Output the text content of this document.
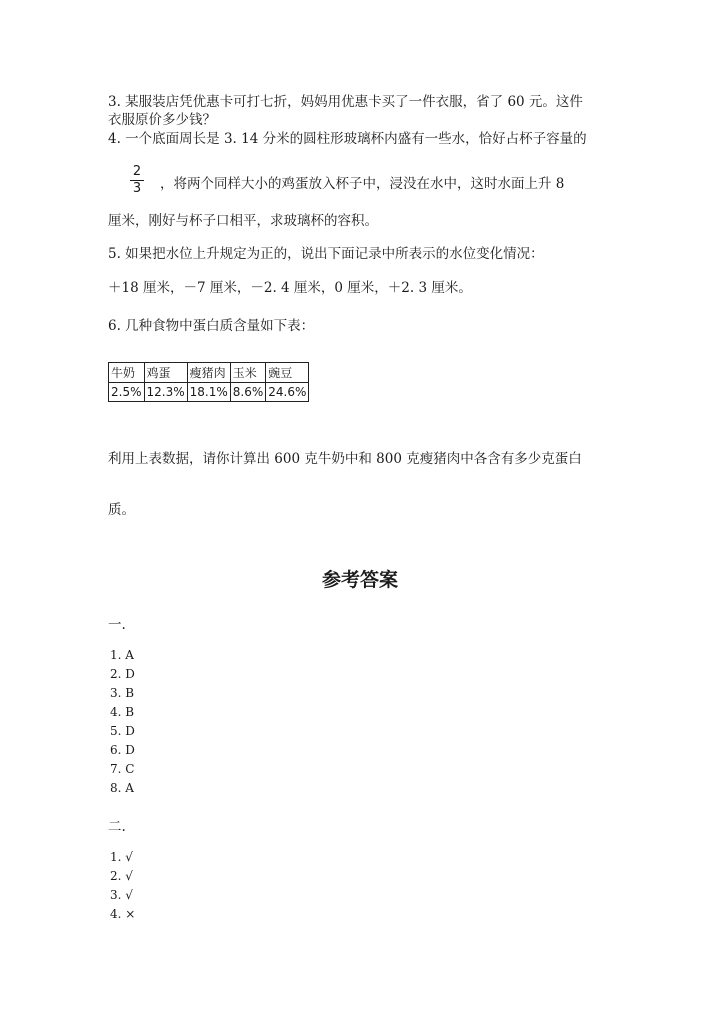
3. 某服装店凭优惠卡可打七折，妈妈用优惠卡买了一件衣服，省了 60 元。这件
衣服原价多少钱？
4. 一个底面周长是 3. 14 分米的圆柱形玻璃杯内盛有一些水，恰好占杯子容量的
2
3 ，将两个同样大小的鸡蛋放入杯子中，浸没在水中，这时水面上升 8
厘米，刚好与杯子口相平，求玻璃杯的容积。
5. 如果把水位上升规定为正的，说出下面记录中所表示的水位变化情况：
＋18 厘米，－7 厘米，－2. 4 厘米，0 厘米，＋2. 3 厘米。
6. 几种食物中蛋白质含量如下表：
牛奶	鸡蛋	瘦猪肉	玉米	豌豆
2.5%	12.3%	18.1%	8.6%	24.6%
利用上表数据，请你计算出 600 克牛奶中和 800 克瘦猪肉中各含有多少克蛋白
质。
参考答案
一.
1. A
2. D
3. B
4. B
5. D
6. D
7. C
8. A
二.
1. √
2. √
3. √
4. ×
